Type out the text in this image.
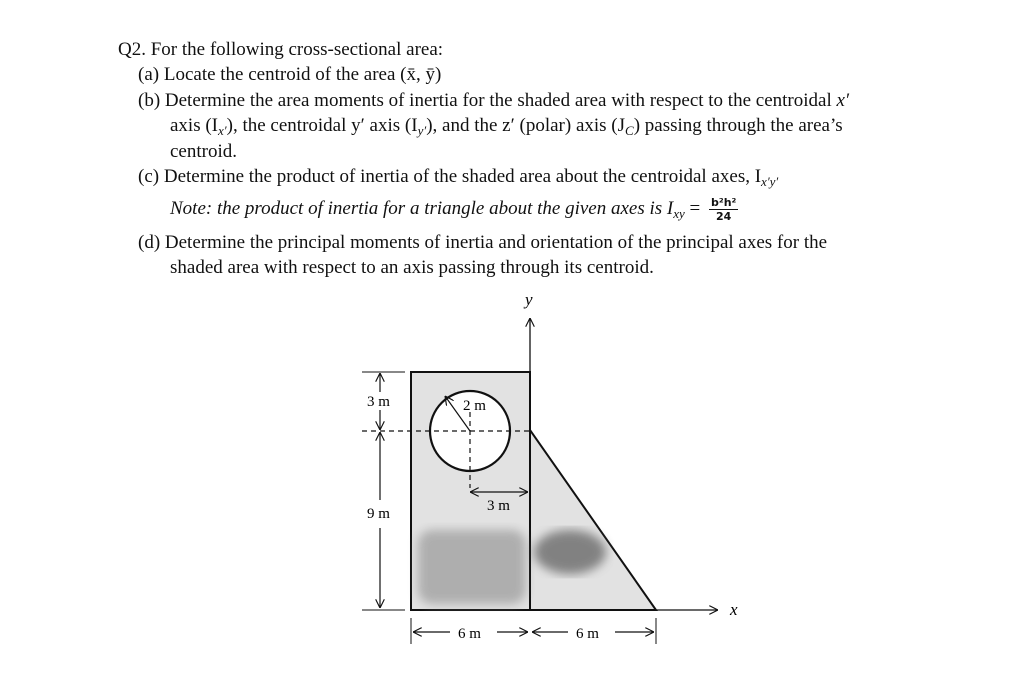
Q2. For the following cross-sectional area:
(a) Locate the centroid of the area (x̄, ȳ)
(b) Determine the area moments of inertia for the shaded area with respect to the centroidal x′
axis $(I_{x'})$, the centroidal y′ axis $(I_{y'})$, and the z′ (polar) axis $(J_C)$ passing through the area’s
centroid.
(c) Determine the product of inertia of the shaded area about the centroidal axes, $I_{x'y'}$
Note: the product of inertia for a triangle about the given axes is $I_{xy} = \frac{\text{b²h²}}{24}$
(d) Determine the principal moments of inertia and orientation of the principal axes for the
shaded area with respect to an axis passing through its centroid.
y
x
2 m
3 m
3 m
9 m
6 m	6 m
